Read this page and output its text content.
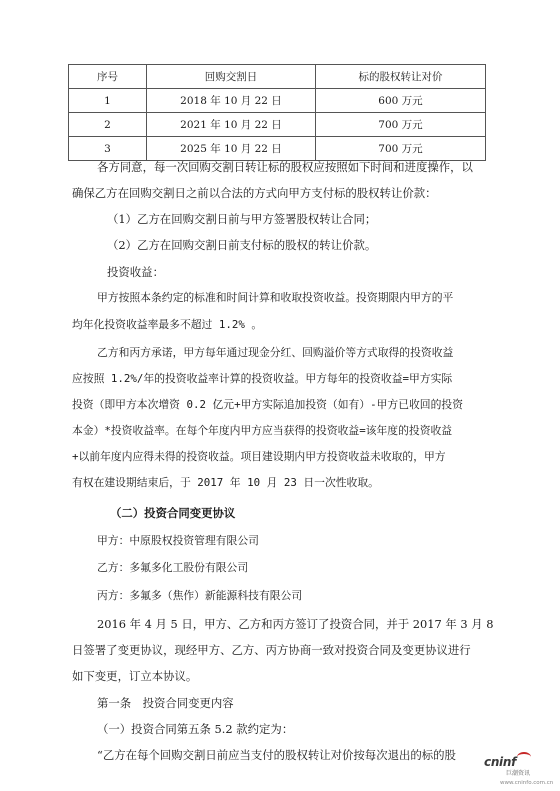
序号	回购交割日	标的股权转让对价
1	2018 年 10 月 22 日	600 万元
2	2021 年 10 月 22 日	700 万元
3	2025 年 10 月 22 日	700 万元
各方同意，每一次回购交割日转让标的股权应按照如下时间和进度操作，以
确保乙方在回购交割日之前以合法的方式向甲方支付标的股权转让价款：
（1）乙方在回购交割日前与甲方签署股权转让合同；
（2）乙方在回购交割日前支付标的股权的转让价款。
投资收益：
甲方按照本条约定的标准和时间计算和收取投资收益。投资期限内甲方的平
均年化投资收益率最多不超过 1.2% 。
乙方和丙方承诺，甲方每年通过现金分红、回购溢价等方式取得的投资收益
应按照 1.2%/年的投资收益率计算的投资收益。甲方每年的投资收益=甲方实际
投资（即甲方本次增资 0.2 亿元+甲方实际追加投资（如有）-甲方已收回的投资
本金）*投资收益率。在每个年度内甲方应当获得的投资收益=该年度的投资收益
+以前年度内应得未得的投资收益。项目建设期内甲方投资收益未收取的，甲方
有权在建设期结束后，于 2017 年 10 月 23 日一次性收取。
（二）投资合同变更协议
甲方：中原股权投资管理有限公司
乙方：多氟多化工股份有限公司
丙方：多氟多（焦作）新能源科技有限公司
2016 年 4 月 5 日，甲方、乙方和丙方签订了投资合同，并于 2017 年 3 月 8
日签署了变更协议，现经甲方、乙方、丙方协商一致对投资合同及变更协议进行
如下变更，订立本协议。
第一条　投资合同变更内容
（一）投资合同第五条 5.2 款约定为：
“乙方在每个回购交割日前应当支付的股权转让对价按每次退出的标的股 cninf
巨潮资讯
www.cninfo.com.cn
